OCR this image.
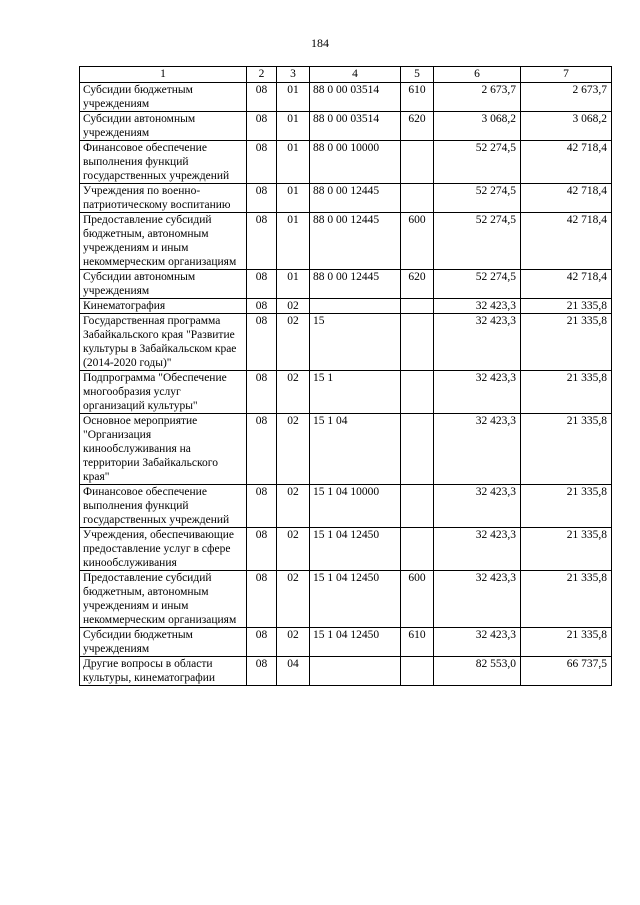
184
1	2	3	4	5	6	7
Субсидии бюджетным учреждениям	08	01	88 0 00 03514	610	2 673,7	2 673,7
Субсидии автономным учреждениям	08	01	88 0 00 03514	620	3 068,2	3 068,2
Финансовое обеспечение выполнения функций государственных учреждений	08	01	88 0 00 10000		52 274,5	42 718,4
Учреждения по военно-патриотическому воспитанию	08	01	88 0 00 12445		52 274,5	42 718,4
Предоставление субсидий бюджетным, автономным учреждениям и иным некоммерческим организациям	08	01	88 0 00 12445	600	52 274,5	42 718,4
Субсидии автономным учреждениям	08	01	88 0 00 12445	620	52 274,5	42 718,4
Кинематография	08	02			32 423,3	21 335,8
Государственная программа Забайкальского края "Развитие культуры в Забайкальском крае (2014-2020 годы)"	08	02	15		32 423,3	21 335,8
Подпрограмма "Обеспечение многообразия услуг организаций культуры"	08	02	15 1		32 423,3	21 335,8
Основное мероприятие "Организация кинообслуживания на территории Забайкальского края"	08	02	15 1 04		32 423,3	21 335,8
Финансовое обеспечение выполнения функций государственных учреждений	08	02	15 1 04 10000		32 423,3	21 335,8
Учреждения, обеспечивающие предоставление услуг в сфере кинообслуживания	08	02	15 1 04 12450		32 423,3	21 335,8
Предоставление субсидий бюджетным, автономным учреждениям и иным некоммерческим организациям	08	02	15 1 04 12450	600	32 423,3	21 335,8
Субсидии бюджетным учреждениям	08	02	15 1 04 12450	610	32 423,3	21 335,8
Другие вопросы в области культуры, кинематографии	08	04			82 553,0	66 737,5
